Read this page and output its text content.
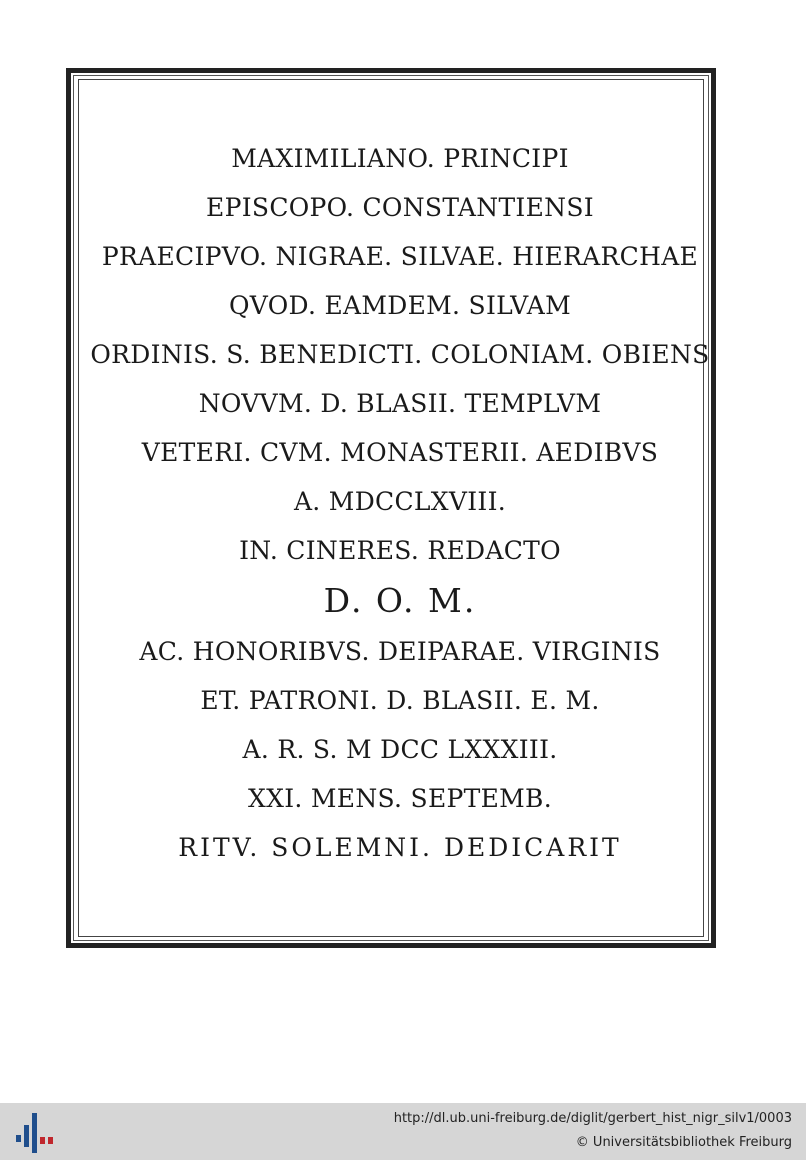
MAXIMILIANO. PRINCIPI
EPISCOPO. CONSTANTIENSI
PRAECIPVO. NIGRAE. SILVAE. HIERARCHAE
QVOD. EAMDEM. SILVAM
ORDINIS. S. BENEDICTI. COLONIAM. OBIENS
NOVVM. D. BLASII. TEMPLVM
VETERI. CVM. MONASTERII. AEDIBVS
A. MDCCLXVIII.
IN. CINERES. REDACTO
D. O. M.
AC. HONORIBVS. DEIPARAE. VIRGINIS
ET. PATRONI. D. BLASII. E. M.
A. R. S. M DCC LXXXIII.
XXI. MENS. SEPTEMB.
RITV. SOLEMNI. DEDICARIT
http://dl.ub.uni-freiburg.de/diglit/gerbert_hist_nigr_silv1/0003
© Universitätsbibliothek Freiburg
